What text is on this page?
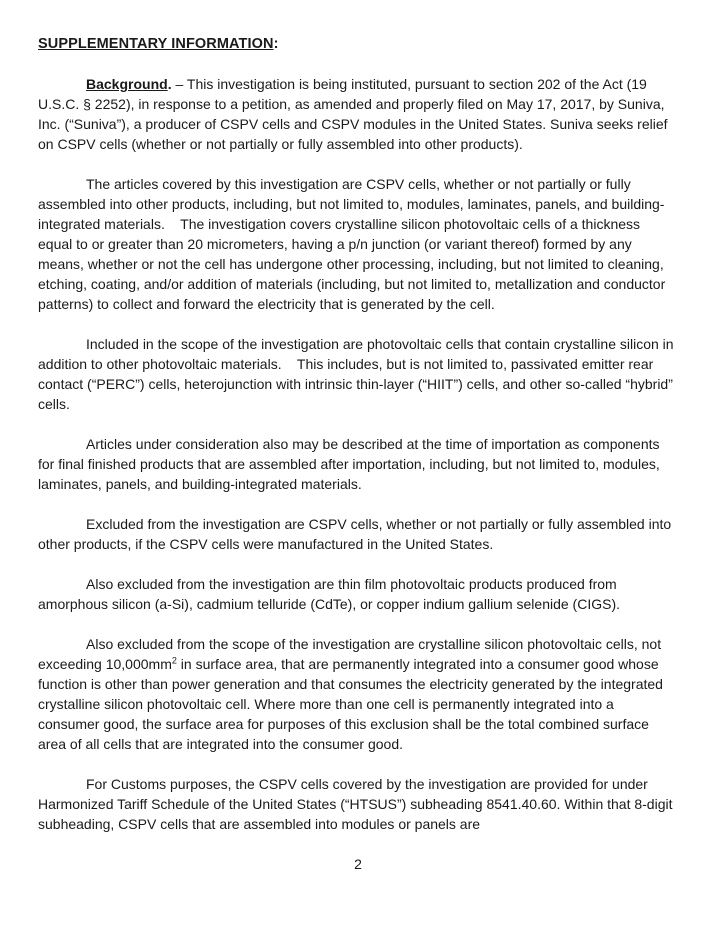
SUPPLEMENTARY INFORMATION:

Background. – This investigation is being instituted, pursuant to section 202 of the Act (19 U.S.C. § 2252), in response to a petition, as amended and properly filed on May 17, 2017, by Suniva, Inc. (“Suniva”), a producer of CSPV cells and CSPV modules in the United States. Suniva seeks relief on CSPV cells (whether or not partially or fully assembled into other products).

The articles covered by this investigation are CSPV cells, whether or not partially or fully assembled into other products, including, but not limited to, modules, laminates, panels, and building-integrated materials.    The investigation covers crystalline silicon photovoltaic cells of a thickness equal to or greater than 20 micrometers, having a p/n junction (or variant thereof) formed by any means, whether or not the cell has undergone other processing, including, but not limited to cleaning, etching, coating, and/or addition of materials (including, but not limited to, metallization and conductor patterns) to collect and forward the electricity that is generated by the cell.

Included in the scope of the investigation are photovoltaic cells that contain crystalline silicon in addition to other photovoltaic materials.    This includes, but is not limited to, passivated emitter rear contact (“PERC”) cells, heterojunction with intrinsic thin-layer (“HIIT”) cells, and other so-called “hybrid” cells.

Articles under consideration also may be described at the time of importation as components for final finished products that are assembled after importation, including, but not limited to, modules, laminates, panels, and building-integrated materials.

Excluded from the investigation are CSPV cells, whether or not partially or fully assembled into other products, if the CSPV cells were manufactured in the United States.

Also excluded from the investigation are thin film photovoltaic products produced from amorphous silicon (a-Si), cadmium telluride (CdTe), or copper indium gallium selenide (CIGS).

Also excluded from the scope of the investigation are crystalline silicon photovoltaic cells, not exceeding $10,000mm^2$ in surface area, that are permanently integrated into a consumer good whose function is other than power generation and that consumes the electricity generated by the integrated crystalline silicon photovoltaic cell. Where more than one cell is permanently integrated into a consumer good, the surface area for purposes of this exclusion shall be the total combined surface area of all cells that are integrated into the consumer good.

For Customs purposes, the CSPV cells covered by the investigation are provided for under Harmonized Tariff Schedule of the United States (“HTSUS”) subheading 8541.40.60. Within that 8-digit subheading, CSPV cells that are assembled into modules or panels are

2
